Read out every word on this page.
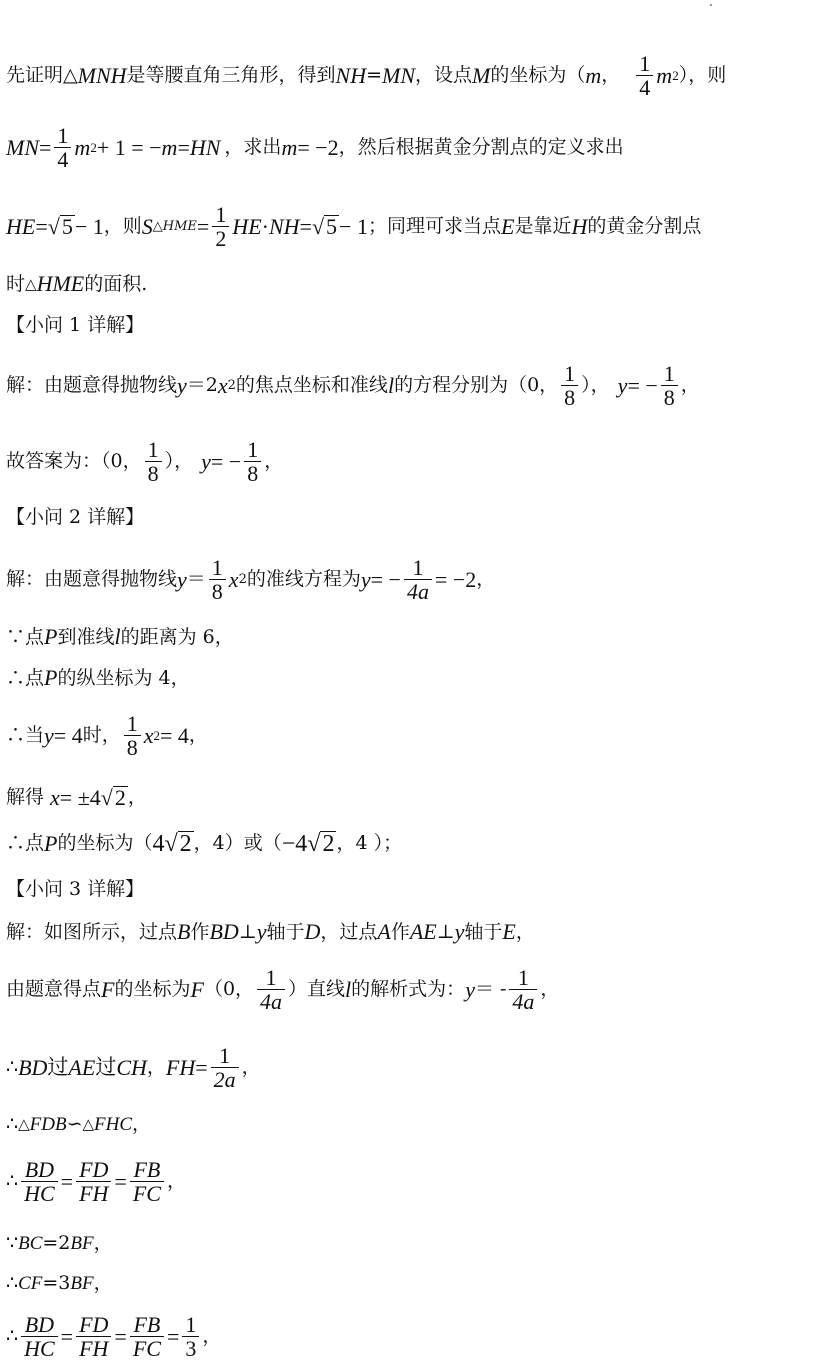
先证明 △ MNH 是等腰直角三角形，得到 NH = MN ，设点 M 的坐标为（ m ， $\frac{1}{4}$ m 2 ），则
MN = $\frac{1}{4}$ m 2 + 1 = − m = HN ，求出 m = −2 ，然后根据黄金分割点的定义求出
HE = √ 5 − 1 ，则 S △HME = $\frac{1}{2}$ HE · NH = √ 5 − 1 ；同理可求当点 E 是靠近 H 的黄金分割点
时 △ HME 的面积.
【小问 1 详解】
解：由题意得抛物线 y ＝2 x 2 的焦点坐标和准线 l 的方程分别为（0， $\frac{1}{8}$ ）， y = − $\frac{1}{8}$ ，
故答案为：（0， $\frac{1}{8}$ ）， y = − $\frac{1}{8}$ ，
【小问 2 详解】
解：由题意得抛物线 $y = \frac{1}{8}$ x 2 的准线方程为 y = − $\frac{1}{4a} = -2$ ，
∵点 P 到准线 l 的距离为 6，
∴点 P 的纵坐标为 4，
∴当 y = 4 时， $\frac{1}{8}$ x 2 = 4 ，
解得 x = ±4 √ 2 ，
∴点 P 的坐标为（ 4 √ 2 ，4）或（ −4 √ 2 ，4 ）；
【小问 3 详解】
解：如图所示，过点 B 作 BD ⊥ y 轴于 D ，过点 A 作 AE ⊥ y 轴于 E ，
由题意得点 F 的坐标为 F （0， $\frac{1}{4a}$ ）直线 l 的解析式为： y ＝ - $\frac{1}{4a}$ ，
∴ BD 过 AE 过 CH ， FH = $\frac{1}{2a}$ ，
∴ △ FDB ∽ △ FHC ，
∴ $\frac{BD}{HC} = \frac{FD}{FH} = \frac{FB}{FC}$ ，
∵ BC =2 BF ，
∴ CF =3 BF ，
∴ $\frac{BD}{HC} = \frac{FD}{FH} = \frac{FB}{FC} = \frac{1}{3}$ ，
